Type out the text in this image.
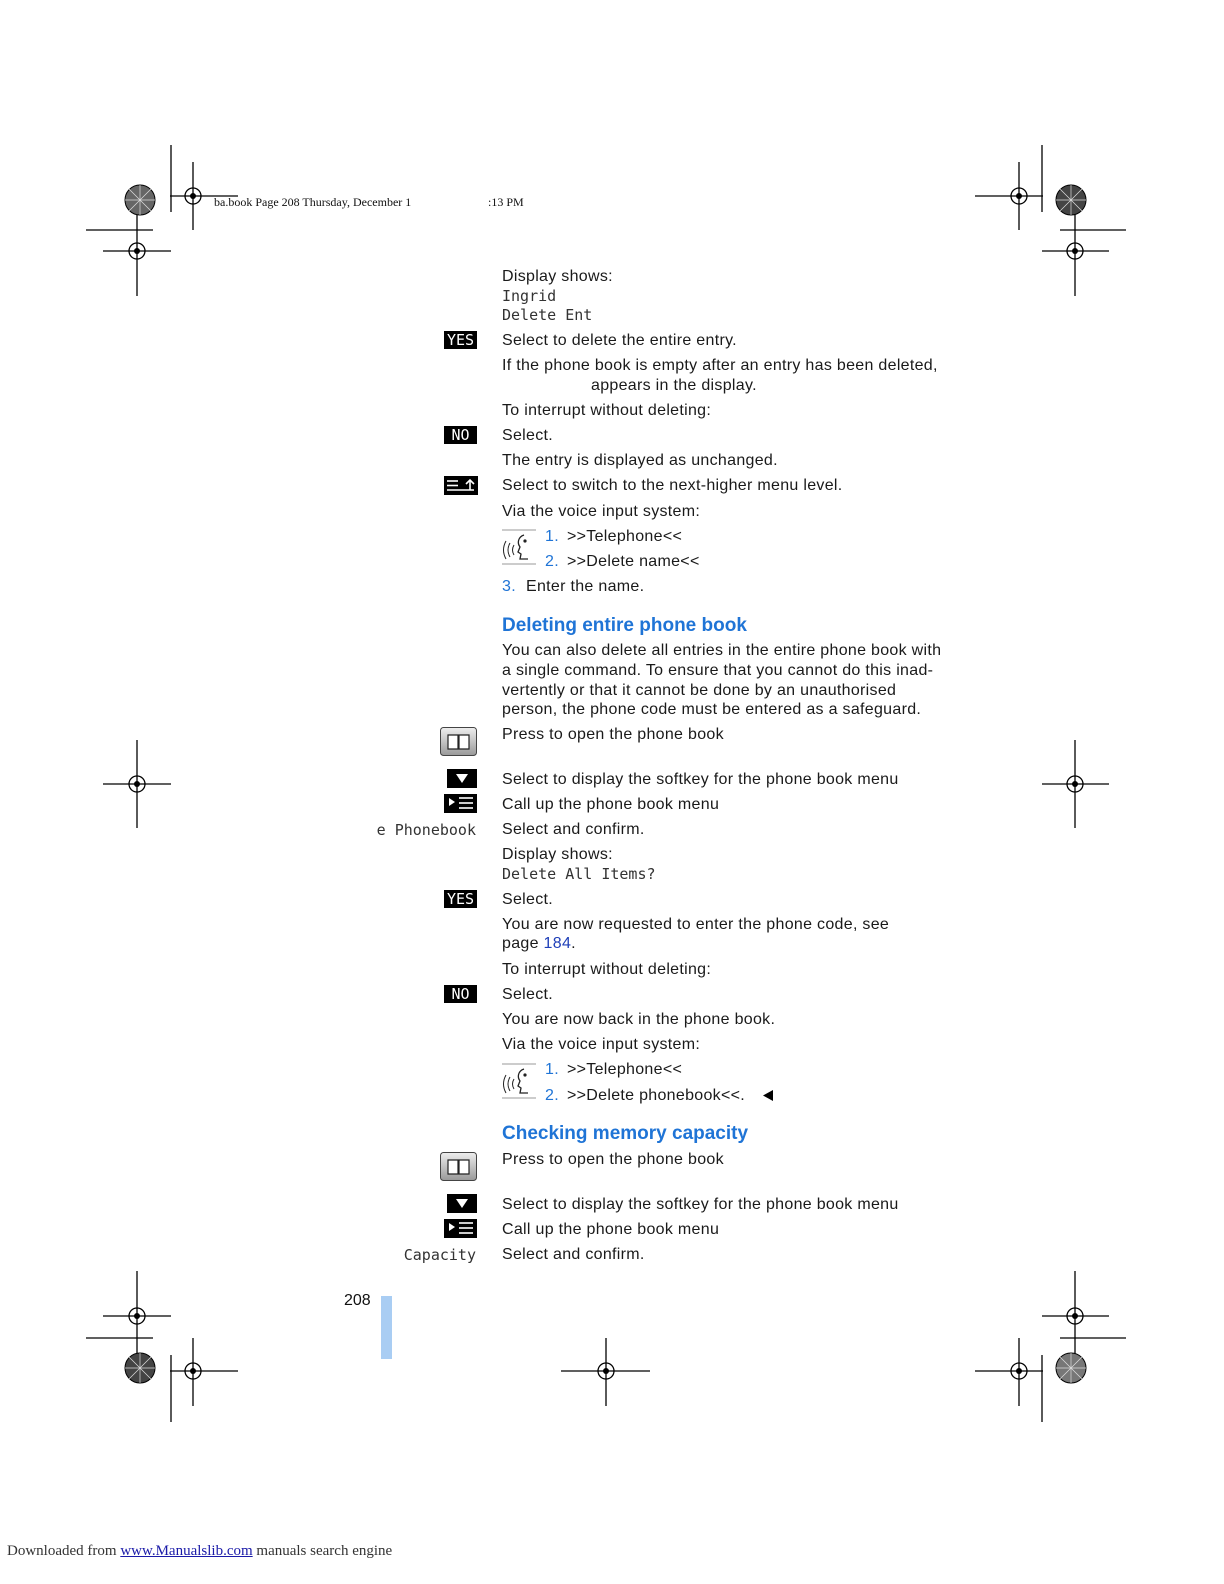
ba.book Page 208 Thursday, December 1	:13 PM
Display shows:
Ingrid
Delete Ent
YES Select to delete the entire entry.
If the phone book is empty after an entry has been deleted,
appears in the display.
To interrupt without deleting:
NO	Select.
The entry is displayed as unchanged.
Select to switch to the next-higher menu level.
Via the voice input system:
1. >>Telephone<<
2. >>Delete name<<
3. Enter the name.
Deleting entire phone book
You can also delete all entries in the entire phone book with
a single command. To ensure that you cannot do this inad-
vertently or that it cannot be done by an unauthorised
person, the phone code must be entered as a safeguard.
Press to open the phone book
Select to display the softkey for the phone book menu
Call up the phone book menu
e Phonebook Select and confirm.
Display shows:
Delete All Items?
YES Select.
You are now requested to enter the phone code, see
page 184.
To interrupt without deleting:
NO	Select.
You are now back in the phone book.
Via the voice input system:
1. >>Telephone<<
2. >>Delete phonebook<<.
Checking memory capacity
Press to open the phone book
Select to display the softkey for the phone book menu
Call up the phone book menu
Capacity Select and confirm.
208
Downloaded from www.Manualslib.com manuals search engine
